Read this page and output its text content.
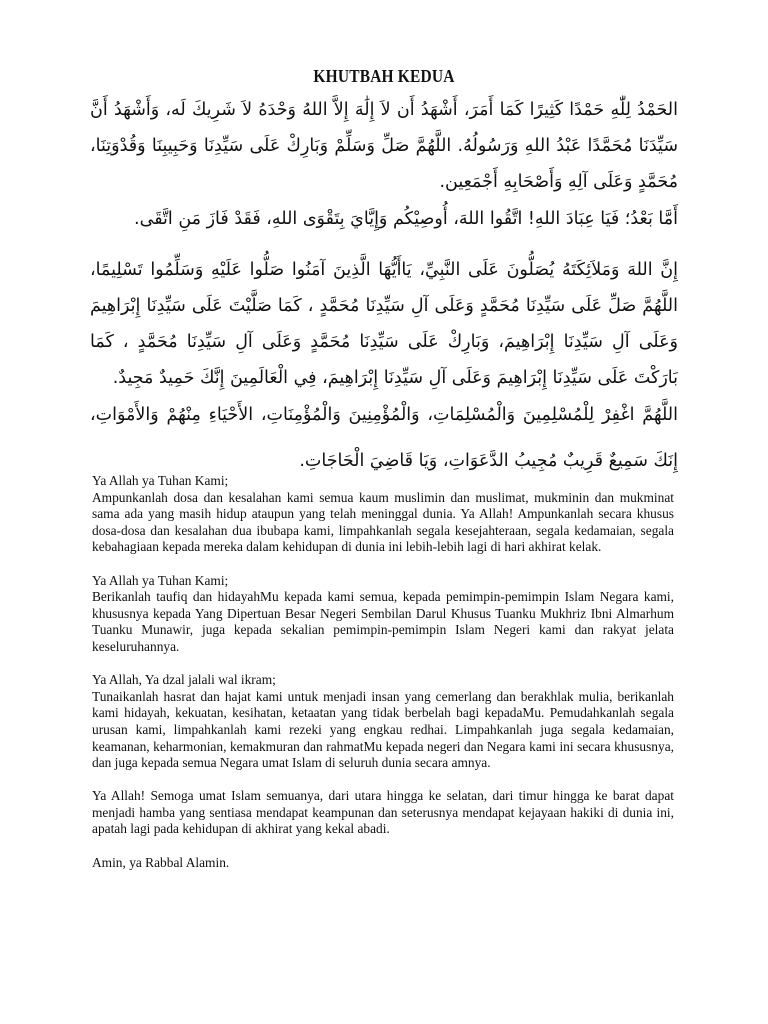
KHUTBAH KEDUA
الحَمْدُ لِلّٰهِ حَمْدًا كَثِيرًا كَمَا أَمَرَ، أَشْهَدُ أَن لاَ إِلَٰهَ إِلاَّ اللهُ وَحْدَهُ لاَ شَرِيكَ لَه، وَأَشْهَدُ أَنَّ سَيِّدَنَا مُحَمَّدًا عَبْدُ اللهِ وَرَسُولُهُ. اللَّهُمَّ صَلِّ وَسَلِّمْ وَبَارِكْ عَلَى سَيِّدِنَا وَحَبِيبِنَا وَقُدْوَتِنَا، مُحَمَّدٍ وَعَلَى آلِهِ وَأَصْحَابِهِ أَجْمَعِين.
أَمَّا بَعْدُ؛ فَيَا عِبَادَ اللهِ! اتَّقُوا اللهَ، أُوصِيْكُم وَإِيَّايَ بِتَقْوَى اللهِ، فَقَدْ فَازَ مَنِ اتَّقَى.
إِنَّ اللهَ وَمَلاَئِكَتَهُ يُصَلُّونَ عَلَى النَّبِيِّ، يَاأَيُّهَا الَّذِينَ آمَنُوا صَلُّوا عَلَيْهِ وَسَلِّمُوا تَسْلِيمًا، اللَّهُمَّ صَلِّ عَلَى سَيِّدِنَا مُحَمَّدٍ وَعَلَى آلِ سَيِّدِنَا مُحَمَّدٍ ، كَمَا صَلَّيْتَ عَلَى سَيِّدِنَا إِبْرَاهِيمَ وَعَلَى آلِ سَيِّدِنَا إِبْرَاهِيمَ، وَبَارِكْ عَلَى سَيِّدِنَا مُحَمَّدٍ وَعَلَى آلِ سَيِّدِنَا مُحَمَّدٍ ، كَمَا بَارَكْتَ عَلَى سَيِّدِنَا إِبْرَاهِيمَ وَعَلَى آلِ سَيِّدِنَا إِبْرَاهِيمَ، فِي الْعَالَمِينَ إِنَّكَ حَمِيدٌ مَجِيدٌ.
اللَّهُمَّ اغْفِرْ لِلْمُسْلِمِينَ وَالْمُسْلِمَاتِ، وَالْمُؤْمِنِينَ وَالْمُؤْمِنَاتِ، الأَحْيَاءِ مِنْهُمْ وَالأَمْوَاتِ، إِنَكَ سَمِيعٌ قَرِيبٌ مُجِيبُ الدَّعَوَاتِ، وَيَا قَاضِيَ الْحَاجَاتِ.

Ya Allah ya Tuhan Kami;

Ampunkanlah dosa dan kesalahan kami semua kaum muslimin dan muslimat, mukminin dan mukminat sama ada yang masih hidup ataupun yang telah meninggal dunia. Ya Allah! Ampunkanlah secara khusus dosa-dosa dan kesalahan dua ibubapa kami, limpahkanlah segala kesejahteraan, segala kedamaian, segala kebahagiaan kepada mereka dalam kehidupan di dunia ini lebih-lebih lagi di hari akhirat kelak.

Ya Allah ya Tuhan Kami;

Berikanlah taufiq dan hidayahMu kepada kami semua, kepada pemimpin-pemimpin Islam Negara kami, khususnya kepada Yang Dipertuan Besar Negeri Sembilan Darul Khusus Tuanku Mukhriz Ibni Almarhum Tuanku Munawir, juga kepada sekalian pemimpin-pemimpin Islam Negeri kami dan rakyat jelata keseluruhannya.

Ya Allah, Ya dzal jalali wal ikram;

Tunaikanlah hasrat dan hajat kami untuk menjadi insan yang cemerlang dan berakhlak mulia, berikanlah kami hidayah, kekuatan, kesihatan, ketaatan yang tidak berbelah bagi kepadaMu. Pemudahkanlah segala urusan kami, limpahkanlah kami rezeki yang engkau redhai. Limpahkanlah juga segala kedamaian, keamanan, keharmonian, kemakmuran dan rahmatMu kepada negeri dan Negara kami ini secara khususnya, dan juga kepada semua Negara umat Islam di seluruh dunia secara amnya.

Ya Allah! Semoga umat Islam semuanya, dari utara hingga ke selatan, dari timur hingga ke barat dapat menjadi hamba yang sentiasa mendapat keampunan dan seterusnya mendapat kejayaan hakiki di dunia ini, apatah lagi pada kehidupan di akhirat yang kekal abadi.

Amin, ya Rabbal Alamin.
